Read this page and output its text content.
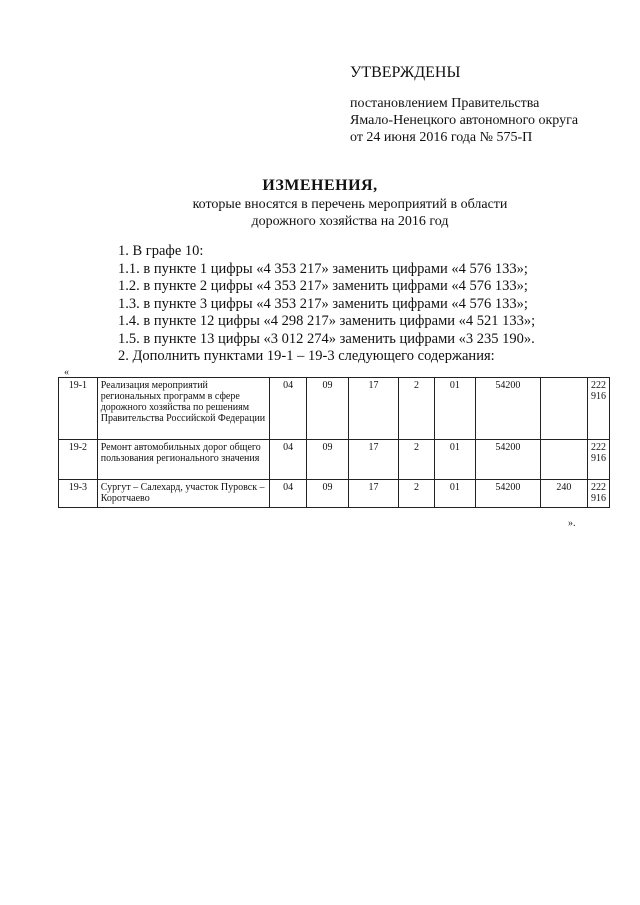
УТВЕРЖДЕНЫ
постановлением Правительства
Ямало-Ненецкого автономного округа
от 24 июня 2016 года № 575-П
ИЗМЕНЕНИЯ,
которые вносятся в перечень мероприятий в области
дорожного хозяйства на 2016 год
1. В графе 10:
1.1. в пункте 1 цифры «4 353 217» заменить цифрами «4 576 133»;
1.2. в пункте 2 цифры «4 353 217» заменить цифрами «4 576 133»;
1.3. в пункте 3 цифры «4 353 217» заменить цифрами «4 576 133»;
1.4. в пункте 12 цифры «4 298 217» заменить цифрами «4 521 133»;
1.5. в пункте 13 цифры «3 012 274» заменить цифрами «3 235 190».
2. Дополнить пунктами 19-1 – 19-3 следующего содержания:
«
19-1	Реализация мероприятий региональных программ в сфере дорожного хозяйства по решениям Правительства Российской Федерации	04	09	17	2	01	54200		222 916
19-2	Ремонт автомобильных дорог общего пользования регионального значения	04	09	17	2	01	54200		222 916
19-3	Сургут – Салехард, участок Пуровск – Коротчаево	04	09	17	2	01	54200	240	222 916
».
